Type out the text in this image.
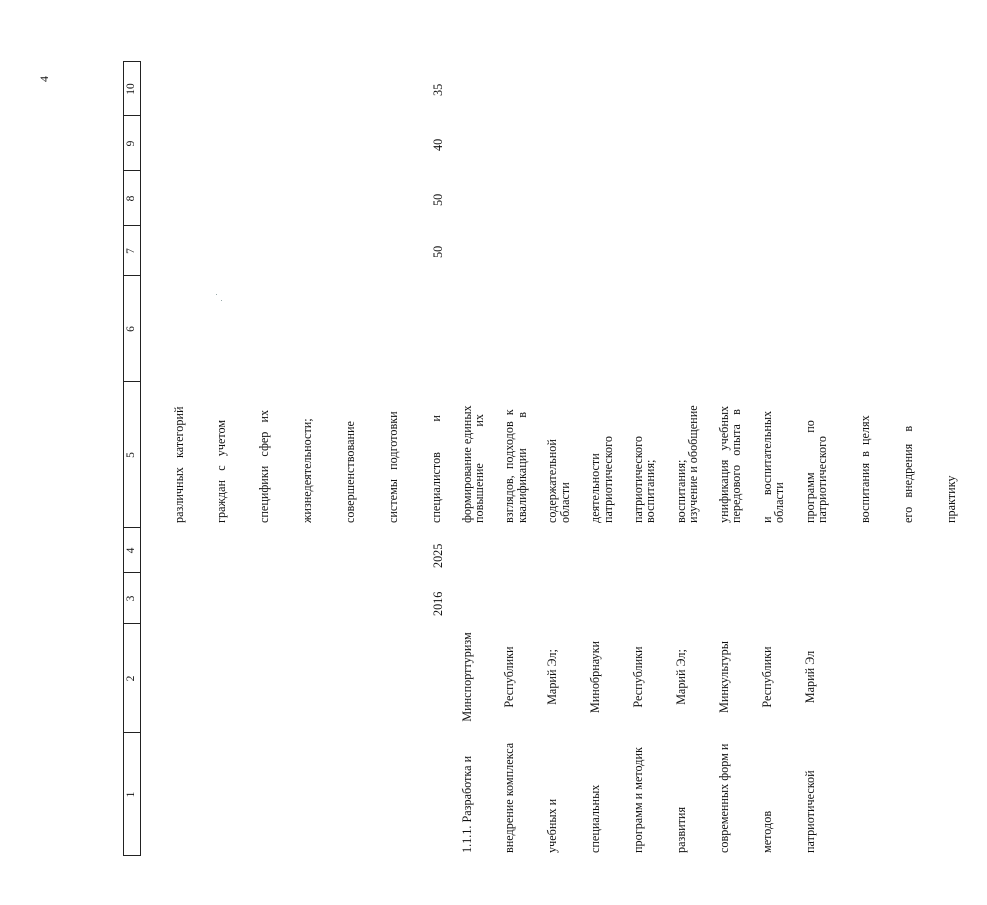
4
1
2
3
4
5
6
7
8
9
10

различных   категорий

граждан   с   учетом

специфики   сфер   их

жизнедеятельности;

совершенствование

системы   подготовки

специалистов          и

повышение            их

квалификации          в

области

патриотического

воспитания;

изучение и обобщение

передового   опыта   в

области

патриотического

воспитания  в  целях

его   внедрения    в

практику

1.1.1. Разработка и

внедрение комплекса

учебных и

специальных

программ и методик

развития

современных форм и

методов

патриотической

Минспорттуризм

Республики

Марий Эл;

Минобрнауки

Республики

Марий Эл;

Минкультуры

Республики

Марий Эл

2016
2025

формирование единых

взглядов,  подходов  к

содержательной

деятельности

патриотического

воспитания;

унификация   учебных

и       воспитательных

программ             по

50
50
40
35
